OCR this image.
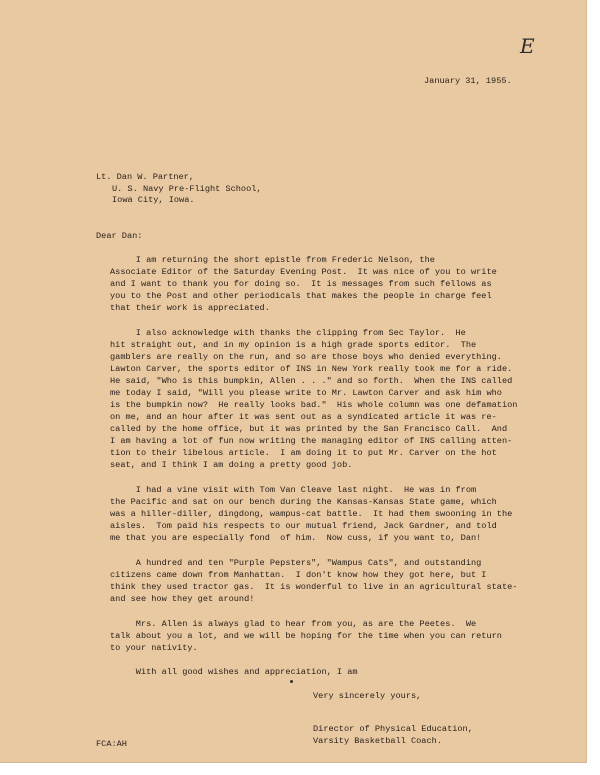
E
January 31, 1955.
Lt. Dan W. Partner,
U. S. Navy Pre-Flight School,
Iowa City, Iowa.
Dear Dan:
I am returning the short epistle from Frederic Nelson, the
Associate Editor of the Saturday Evening Post.  It was nice of you to write
and I want to thank you for doing so.  It is messages from such fellows as
you to the Post and other periodicals that makes the people in charge feel
that their work is appreciated.
I also acknowledge with thanks the clipping from Sec Taylor.  He
hit straight out, and in my opinion is a high grade sports editor.  The
gamblers are really on the run, and so are those boys who denied everything.
Lawton Carver, the sports editor of INS in New York really took me for a ride.
He said, "Who is this bumpkin, Allen . . ." and so forth.  When the INS called
me today I said, "Will you please write to Mr. Lawton Carver and ask him who
is the bumpkin now?  He really looks bad."  His whole column was one defamation
on me, and an hour after it was sent out as a syndicated article it was re-
called by the home office, but it was printed by the San Francisco Call.  And
I am having a lot of fun now writing the managing editor of INS calling atten-
tion to their libelous article.  I am doing it to put Mr. Carver on the hot
seat, and I think I am doing a pretty good job.
I had a vine visit with Tom Van Cleave last night.  He was in from
the Pacific and sat on our bench during the Kansas-Kansas State game, which
was a hiller-diller, dingdong, wampus-cat battle.  It had them swooning in the
aisles.  Tom paid his respects to our mutual friend, Jack Gardner, and told
me that you are especially fond  of him.  Now cuss, if you want to, Dan!
A hundred and ten "Purple Pepsters", "Wampus Cats", and outstanding
citizens came down from Manhattan.  I don't know how they got here, but I
think they used tractor gas.  It is wonderful to live in an agricultural state-
and see how they get around!
Mrs. Allen is always glad to hear from you, as are the Peetes.  We
talk about you a lot, and we will be hoping for the time when you can return
to your nativity.
With all good wishes and appreciation, I am
Very sincerely yours,
Director of Physical Education,
Varsity Basketball Coach.
FCA:AH
